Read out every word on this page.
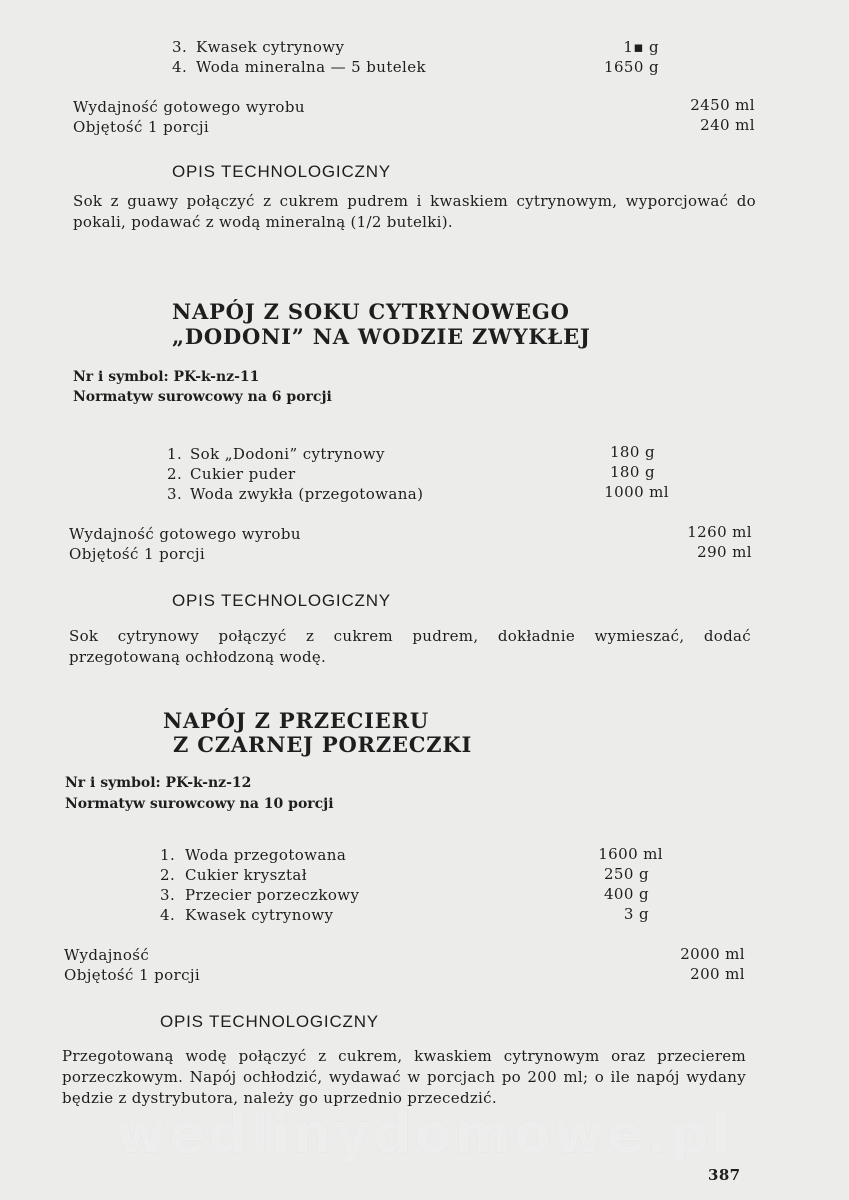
3. Kwasek cytrynowy	1▪ g
4. Woda mineralna — 5 butelek	1650 g
Wydajność gotowego wyrobu	2450 ml
Objętość 1 porcji	240 ml
OPIS TECHNOLOGICZNY

Sok z guawy połączyć z cukrem pudrem i kwaskiem cytrynowym, wyporcjować do pokali, podawać z wodą mineralną (1/2 butelki).

NAPÓJ Z SOKU CYTRYNOWEGO
„DODONI” NA WODZIE ZWYKŁEJ
Nr i symbol: PK-k-nz-11
Normatyw surowcowy na 6 porcji
1. Sok „Dodoni” cytrynowy	180 g
2. Cukier puder	180 g
3. Woda zwykła (przegotowana)	1000 ml
Wydajność gotowego wyrobu	1260 ml
Objętość 1 porcji	290 ml
OPIS TECHNOLOGICZNY

Sok cytrynowy połączyć z cukrem pudrem, dokładnie wymieszać, dodać przegotowaną ochłodzoną wodę.

NAPÓJ Z PRZECIERU
Z CZARNEJ PORZECZKI
Nr i symbol: PK-k-nz-12
Normatyw surowcowy na 10 porcji
1. Woda przegotowana	1600 ml
2. Cukier kryształ	250 g
3. Przecier porzeczkowy	400 g
4. Kwasek cytrynowy	3 g
Wydajność	2000 ml
Objętość 1 porcji	200 ml
OPIS TECHNOLOGICZNY

Przegotowaną wodę połączyć z cukrem, kwaskiem cytrynowym oraz przecierem porzeczkowym. Napój ochłodzić, wydawać w porcjach po 200 ml; o ile napój wydany będzie z dystrybutora, należy go uprzednio przecedzić.

wedlinydomowe.pl
387
